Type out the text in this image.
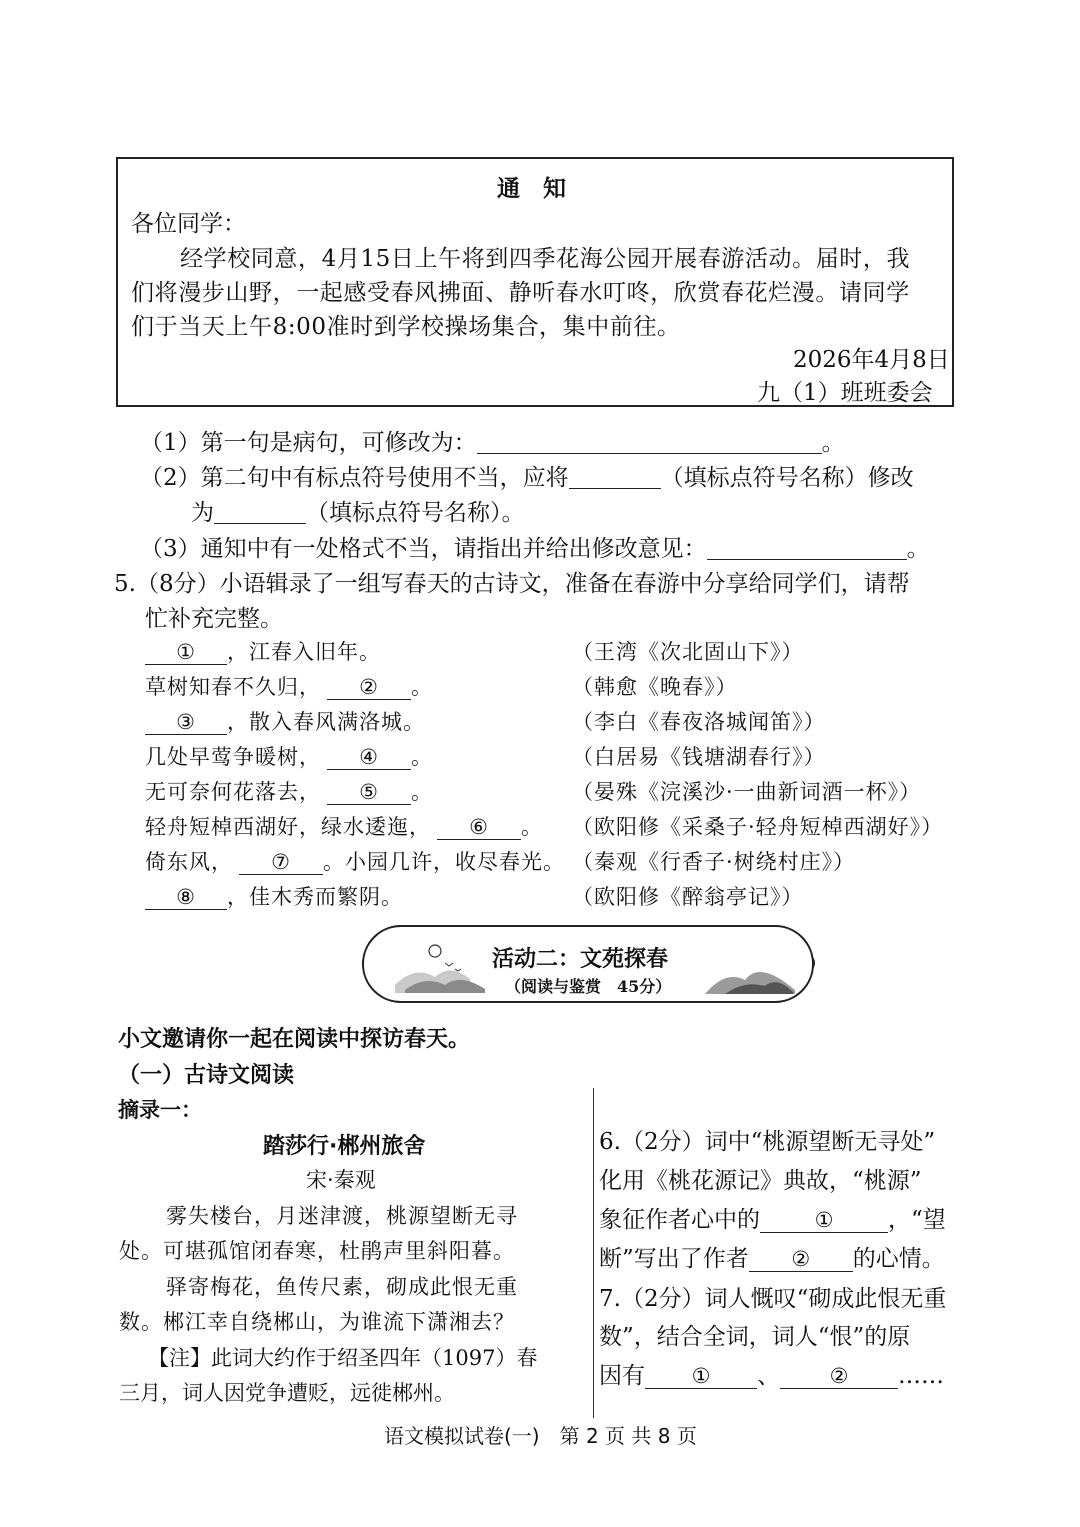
通　知
各位同学：
经学校同意，4月15日上午将到四季花海公园开展春游活动。届时，我
们将漫步山野，一起感受春风拂面、静听春水叮咚，欣赏春花烂漫。请同学
们于当天上午8:00准时到学校操场集合，集中前往。
2026年4月8日
九（1）班班委会
（1）第一句是病句，可修改为：	。
（2）第二句中有标点符号使用不当，应将	（填标点符号名称）修改
为	（填标点符号名称）。
（3）通知中有一处格式不当，请指出并给出修改意见：	。
5.（8分）小语辑录了一组写春天的古诗文，准备在春游中分享给同学们，请帮
忙补充完整。
① ，江春入旧年。	（王湾《次北固山下》）
草树知春不久归， ② 。	（韩愈《晚春》）
③ ，散入春风满洛城。	（李白《春夜洛城闻笛》）
几处早莺争暖树， ④ 。	（白居易《钱塘湖春行》）
无可奈何花落去， ⑤ 。	（晏殊《浣溪沙·一曲新词酒一杯》）
轻舟短棹西湖好，绿水逶迤， ⑥ 。 （欧阳修《采桑子·轻舟短棹西湖好》）
倚东风， ⑦ 。小园几许，收尽春光。 （秦观《行香子·树绕村庄》）
⑧ ，佳木秀而繁阴。	（欧阳修《醉翁亭记》）
活动二：文苑探春
（阅读与鉴赏　45分）
小文邀请你一起在阅读中探访春天。
（一）古诗文阅读
摘录一：
踏莎行·郴州旅舍
宋·秦观
雾失楼台，月迷津渡，桃源望断无寻
处。可堪孤馆闭春寒，杜鹃声里斜阳暮。
驿寄梅花，鱼传尺素，砌成此恨无重
数。郴江幸自绕郴山，为谁流下潇湘去？
【注】此词大约作于绍圣四年（1097）春
三月，词人因党争遭贬，远徙郴州。
6.（2分）词中“桃源望断无寻处”
化用《桃花源记》典故，“桃源”
象征作者心中的	① ，“望
断”写出了作者 ② 的心情。
7.（2分）词人慨叹“砌成此恨无重
数”，结合全词，词人“恨”的原
因有 ① 、 ② ……
语文模拟试卷(一)　第 2 页 共 8 页
